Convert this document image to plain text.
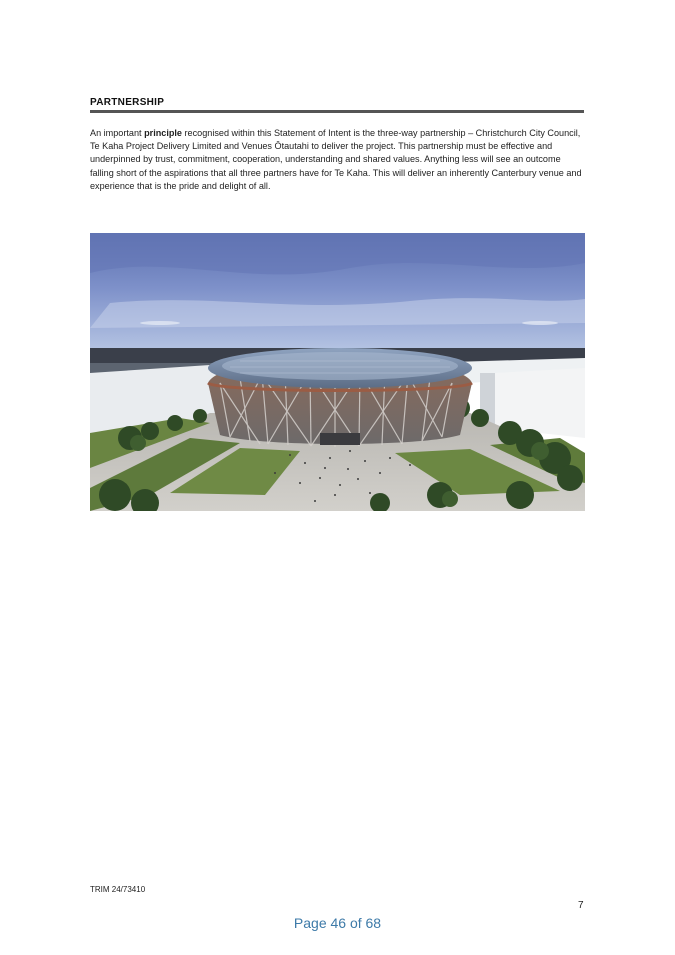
PARTNERSHIP
An important principle recognised within this Statement of Intent is the three-way partnership – Christchurch City Council, Te Kaha Project Delivery Limited and Venues Ōtautahi to deliver the project. This partnership must be effective and underpinned by trust, commitment, cooperation, understanding and shared values. Anything less will see an outcome falling short of the aspirations that all three partners have for Te Kaha. This will deliver an inherently Canterbury venue and experience that is the pride and delight of all.
TRIM 24/73410
7
Page 46 of 68
